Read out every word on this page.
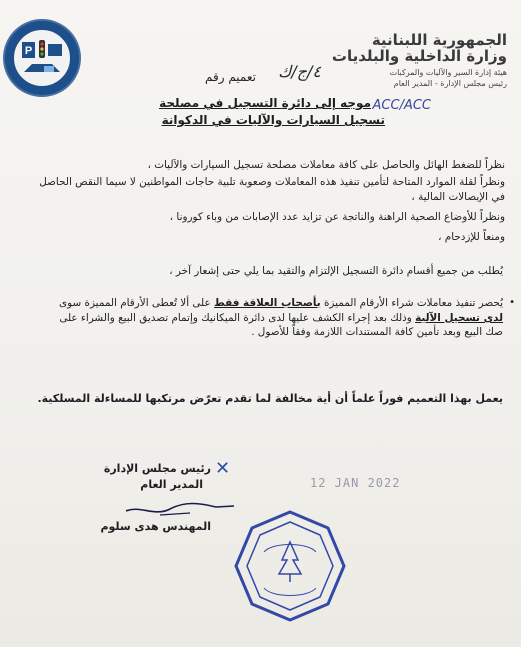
P
الجمهورية اللبنانية
وزارة الداخلية والبلديات
هيئة إدارة السير والآليات والمركبات
رئيس مجلس الإدارة - المدير العام
ACC/ACC
تعميم رقم ٤/ج/ك
موجه إلى دائرة التسجيل في مصلحة
تسجيل السيارات والآليات في الدكوانة
نظراً للضغط الهائل والحاصل على كافة معاملات مصلحة تسجيل السيارات والآليات ،
ونظراً لقلة الموارد المتاحة لتأمين تنفيذ هذه المعاملات وصعوبة تلبية حاجات المواطنين لا سيما النقص الحاصل في الإيصالات المالية ،
ونظراً للأوضاع الصحية الراهنة والناتجة عن تزايد عدد الإصابات من وباء كورونا ،
ومنعاً للإزدحام ،
يُطلب من جميع أقسام دائرة التسجيل الإلتزام والتقيد بما يلي حتى إشعار آخر ،
•
يُحصر تنفيذ معاملات شراء الأرقام المميزة بأصحاب العلاقة فقط على ألا تُعطى الأرقام المميزة سوى لدى تسجيل الآلية وذلك بعد إجراء الكشف عليها لدى دائرة الميكانيك وإتمام تصديق البيع والشراء على صك البيع وبعد تأمين كافة المستندات اللازمة وفقاً للأصول .
يعمل بهذا التعميم فوراً علماً أن أية مخالفة لما تقدم تعرّض مرتكبها للمساءلة المسلكية.
رئيس مجلس الإدارة
المدير العام
✕
12 JAN 2022
المهندس هدى سلوم
